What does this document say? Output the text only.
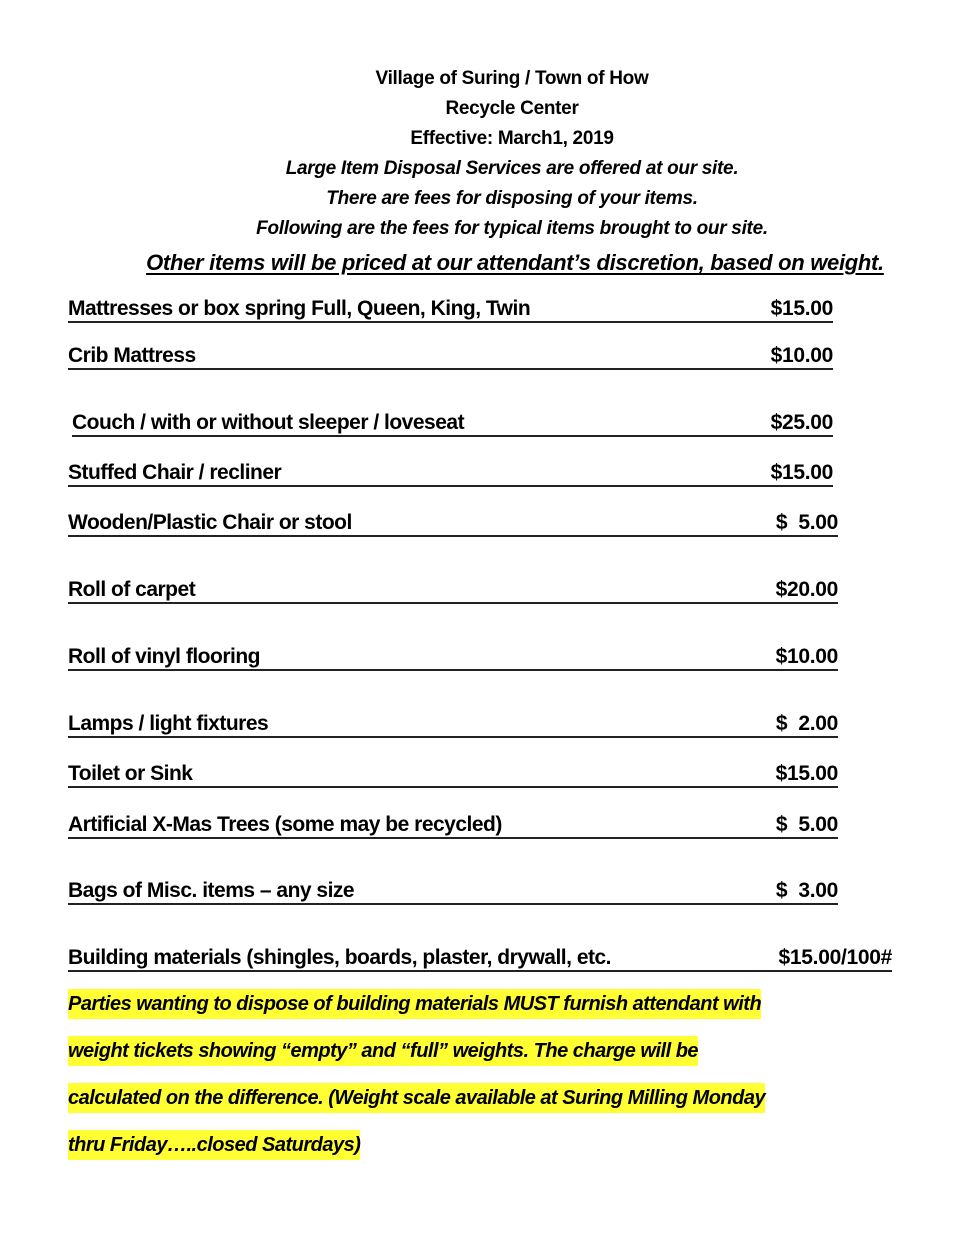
Village of Suring / Town of How
Recycle Center
Effective: March1, 2019
Large Item Disposal Services are offered at our site.
There are fees for disposing of your items.
Following are the fees for typical items brought to our site.
Other items will be priced at our attendant’s discretion, based on weight.
Mattresses or box spring Full, Queen, King, Twin	$15.00
Crib Mattress	$10.00
Couch / with or without sleeper / loveseat	$25.00
Stuffed Chair / recliner	$15.00
Wooden/Plastic Chair or stool	$  5.00
Roll of carpet	$20.00
Roll of vinyl flooring	$10.00
Lamps / light fixtures	$  2.00
Toilet or Sink	$15.00
Artificial X-Mas Trees (some may be recycled)	$  5.00
Bags of Misc. items – any size	$  3.00
Building materials (shingles, boards, plaster, drywall, etc.	$15.00/100#
Parties wanting to dispose of building materials MUST furnish attendant with
weight tickets showing “empty” and “full” weights. The charge will be
calculated on the difference. (Weight scale available at Suring Milling Monday
thru Friday…..closed Saturdays)
